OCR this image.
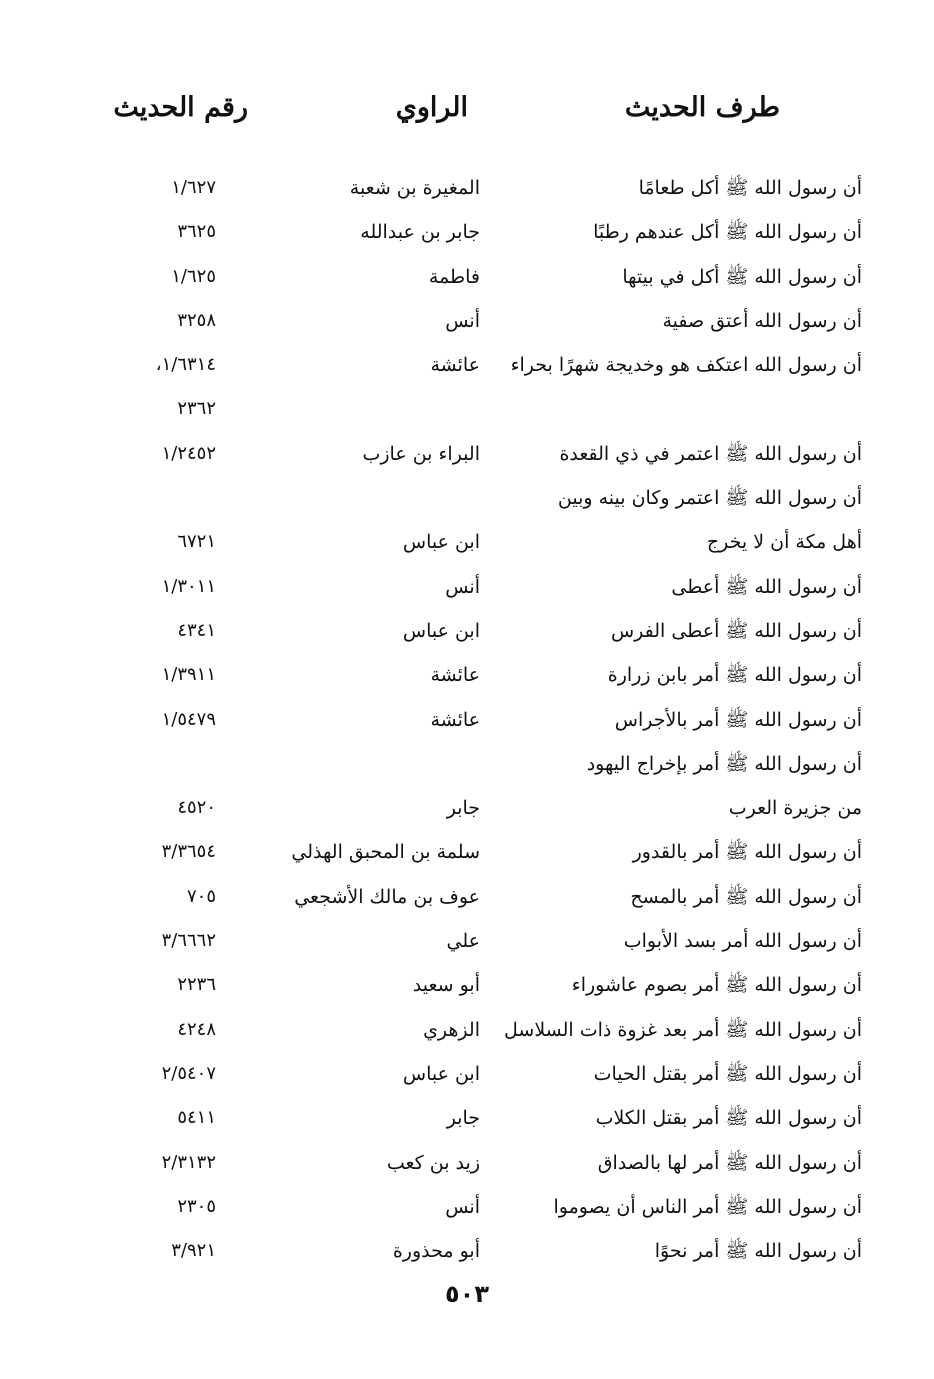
طرف الحديث
الراوي
رقم الحديث
أن رسول الله ﷺ أكل طعامًا
المغيرة بن شعبة
١/٦٢٧
أن رسول الله ﷺ أكل عندهم رطبًا
جابر بن عبدالله
٣٦٢٥
أن رسول الله ﷺ أكل في بيتها
فاطمة
١/٦٢٥
أن رسول الله أعتق صفية
أنس
٣٢٥٨
أن رسول الله اعتكف هو وخديجة شهرًا بحراء
عائشة
١/٦٣١٤،
٢٣٦٢
أن رسول الله ﷺ اعتمر في ذي القعدة
البراء بن عازب
١/٢٤٥٢
أن رسول الله ﷺ اعتمر وكان بينه وبين
أهل مكة أن لا يخرج
ابن عباس
٦٧٢١
أن رسول الله ﷺ أعطى
أنس
١/٣٠١١
أن رسول الله ﷺ أعطى الفرس
ابن عباس
٤٣٤١
أن رسول الله ﷺ أمر بابن زرارة
عائشة
١/٣٩١١
أن رسول الله ﷺ أمر بالأجراس
عائشة
١/٥٤٧٩
أن رسول الله ﷺ أمر بإخراج اليهود
من جزيرة العرب
جابر
٤٥٢٠
أن رسول الله ﷺ أمر بالقدور
سلمة بن المحبق الهذلي
٣/٣٦٥٤
أن رسول الله ﷺ أمر بالمسح
عوف بن مالك الأشجعي
٧٠٥
أن رسول الله أمر بسد الأبواب
علي
٣/٦٦٦٢
أن رسول الله ﷺ أمر بصوم عاشوراء
أبو سعيد
٢٢٣٦
أن رسول الله ﷺ أمر بعد غزوة ذات السلاسل
الزهري
٤٢٤٨
أن رسول الله ﷺ أمر بقتل الحيات
ابن عباس
٢/٥٤٠٧
أن رسول الله ﷺ أمر بقتل الكلاب
جابر
٥٤١١
أن رسول الله ﷺ أمر لها بالصداق
زيد بن كعب
٢/٣١٣٢
أن رسول الله ﷺ أمر الناس أن يصوموا
أنس
٢٣٠٥
أن رسول الله ﷺ أمر نحوًا
أبو محذورة
٣/٩٢١
٥٠٣
